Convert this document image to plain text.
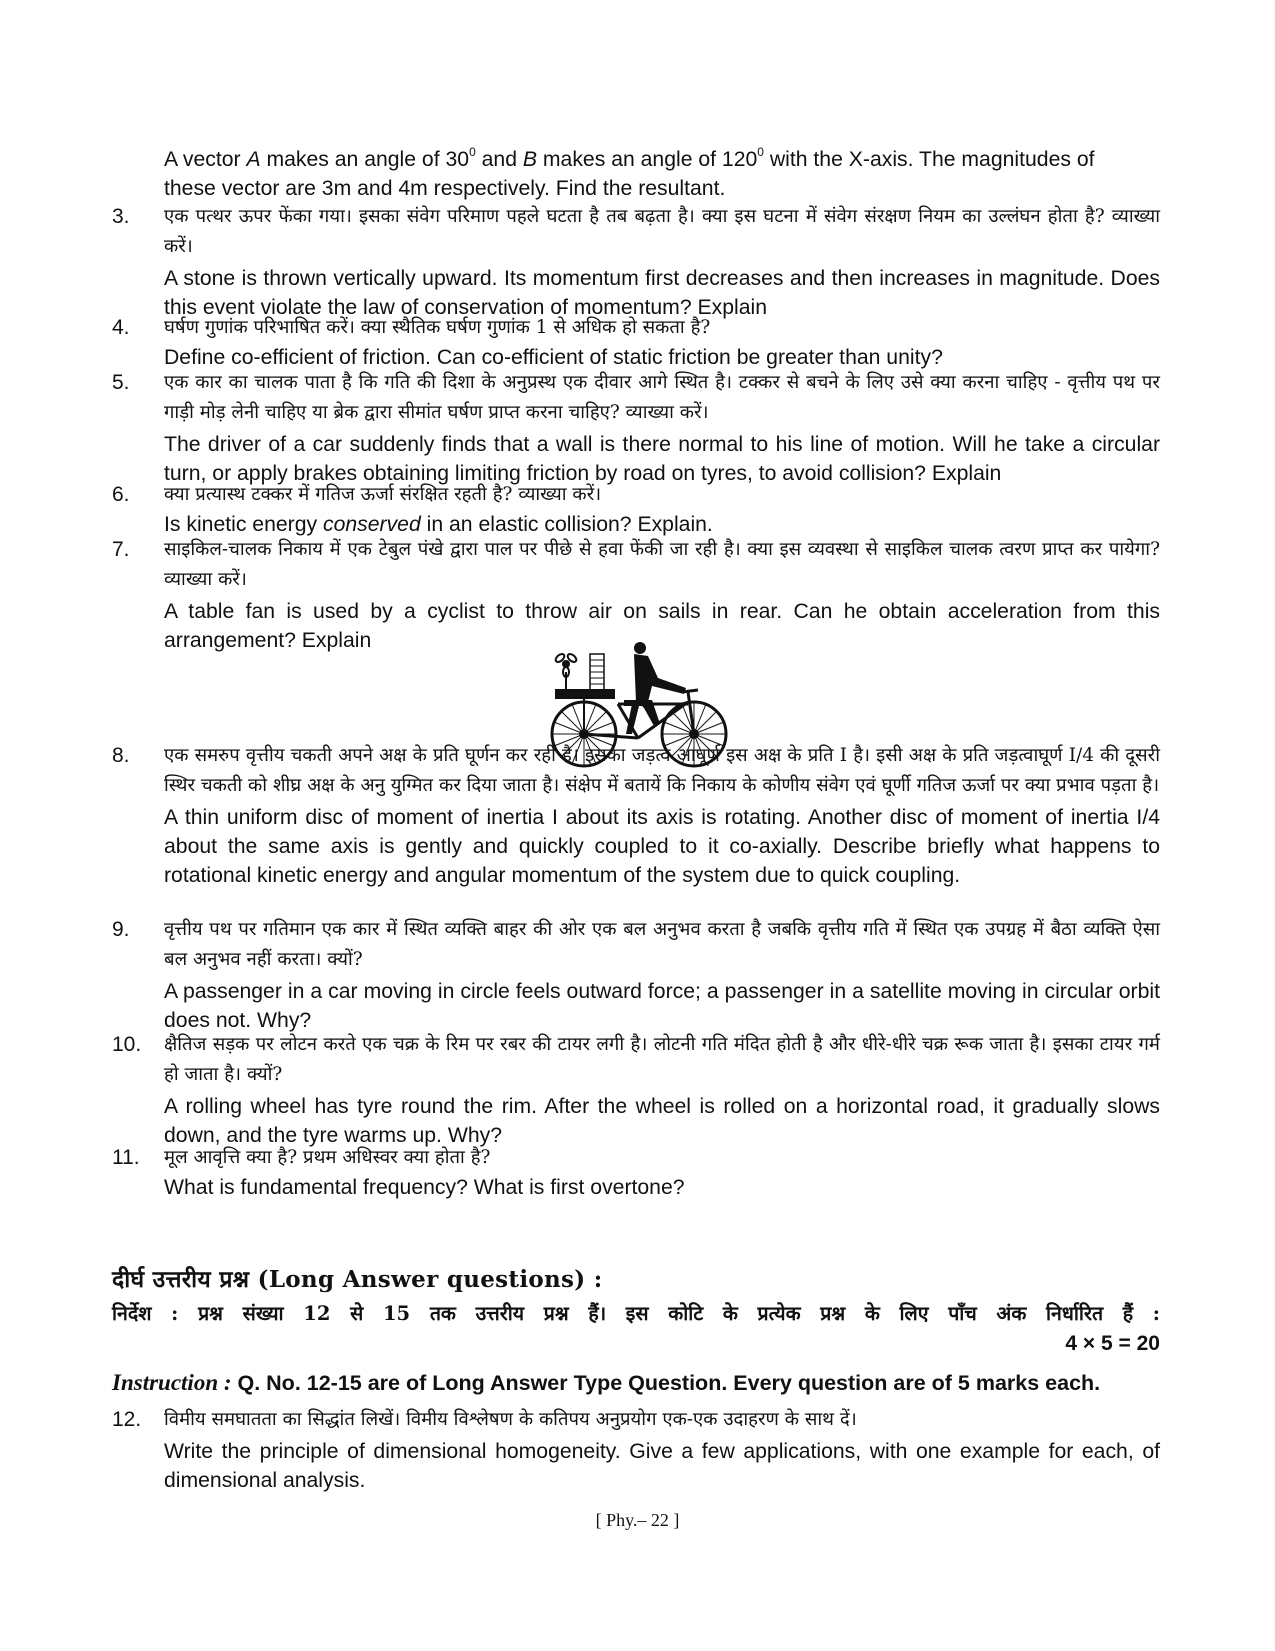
A vector A makes an angle of $30^0$ and B makes an angle of $120^0$ with the X-axis. The magnitudes of

these vector are 3m and 4m respectively. Find the resultant.

3. एक पत्थर ऊपर फेंका गया। इसका संवेग परिमाण पहले घटता है तब बढ़ता है। क्या इस घटना में संवेग संरक्षण नियम का उल्लंघन होता है? व्याख्या करें।

A stone is thrown vertically upward. Its momentum first decreases and then increases in magnitude. Does this event violate the law of conservation of momentum? Explain

4. घर्षण गुणांक परिभाषित करें। क्या स्थैतिक घर्षण गुणांक 1 से अधिक हो सकता है?

Define co-efficient of friction. Can co-efficient of static friction be greater than unity?

5. एक कार का चालक पाता है कि गति की दिशा के अनुप्रस्थ एक दीवार आगे स्थित है। टक्कर से बचने के लिए उसे क्या करना चाहिए - वृत्तीय पथ पर गाड़ी मोड़ लेनी चाहिए या ब्रेक द्वारा सीमांत घर्षण प्राप्त करना चाहिए? व्याख्या करें।

The driver of a car suddenly finds that a wall is there normal to his line of motion. Will he take a circular turn, or apply brakes obtaining limiting friction by road on tyres, to avoid collision? Explain

6. क्या प्रत्यास्थ टक्कर में गतिज ऊर्जा संरक्षित रहती है? व्याख्या करें।

Is kinetic energy conserved in an elastic collision? Explain.

7. साइकिल-चालक निकाय में एक टेबुल पंखे द्वारा पाल पर पीछे से हवा फेंकी जा रही है। क्या इस व्यवस्था से साइकिल चालक त्वरण प्राप्त कर पायेगा? व्याख्या करें।

A table fan is used by a cyclist to throw air on sails in rear. Can he obtain acceleration from this arrangement? Explain

8. एक समरुप वृत्तीय चकती अपने अक्ष के प्रति घूर्णन कर रही है। इसका जड़त्व आघूर्ण इस अक्ष के प्रति I है। इसी अक्ष के प्रति जड़त्वाघूर्ण I/4 की दूसरी स्थिर चकती को शीघ्र अक्ष के अनु युग्मित कर दिया जाता है। संक्षेप में बतायें कि निकाय के कोणीय संवेग एवं घूर्णी गतिज ऊर्जा पर क्या प्रभाव पड़ता है।

A thin uniform disc of moment of inertia I about its axis is rotating. Another disc of moment of inertia I/4 about the same axis is gently and quickly coupled to it co-axially. Describe briefly what happens to rotational kinetic energy and angular momentum of the system due to quick coupling.

9. वृत्तीय पथ पर गतिमान एक कार में स्थित व्यक्ति बाहर की ओर एक बल अनुभव करता है जबकि वृत्तीय गति में स्थित एक उपग्रह में बैठा व्यक्ति ऐसा बल अनुभव नहीं करता। क्यों?

A passenger in a car moving in circle feels outward force; a passenger in a satellite moving in circular orbit does not. Why?

10. क्षैतिज सड़क पर लोटन करते एक चक्र के रिम पर रबर की टायर लगी है। लोटनी गति मंदित होती है और धीरे-धीरे चक्र रूक जाता है। इसका टायर गर्म हो जाता है। क्यों?

A rolling wheel has tyre round the rim. After the wheel is rolled on a horizontal road, it gradually slows down, and the tyre warms up. Why?

11. मूल आवृत्ति क्या है? प्रथम अधिस्वर क्या होता है?

What is fundamental frequency? What is first overtone?

दीर्घ उत्तरीय प्रश्न (Long Answer questions) :
निर्देश : प्रश्न संख्या 12 से 15 तक उत्तरीय प्रश्न हैं। इस कोटि के प्रत्येक प्रश्न के लिए पाँच अंक निर्धारित हैं :
4 × 5 = 20
Instruction : Q. No. 12-15 are of Long Answer Type Question. Every question are of 5 marks each.
12. विमीय समघातता का सिद्धांत लिखें। विमीय विश्लेषण के कतिपय अनुप्रयोग एक-एक उदाहरण के साथ दें।

Write the principle of dimensional homogeneity. Give a few applications, with one example for each, of dimensional analysis.

[ Phy.– 22 ]
